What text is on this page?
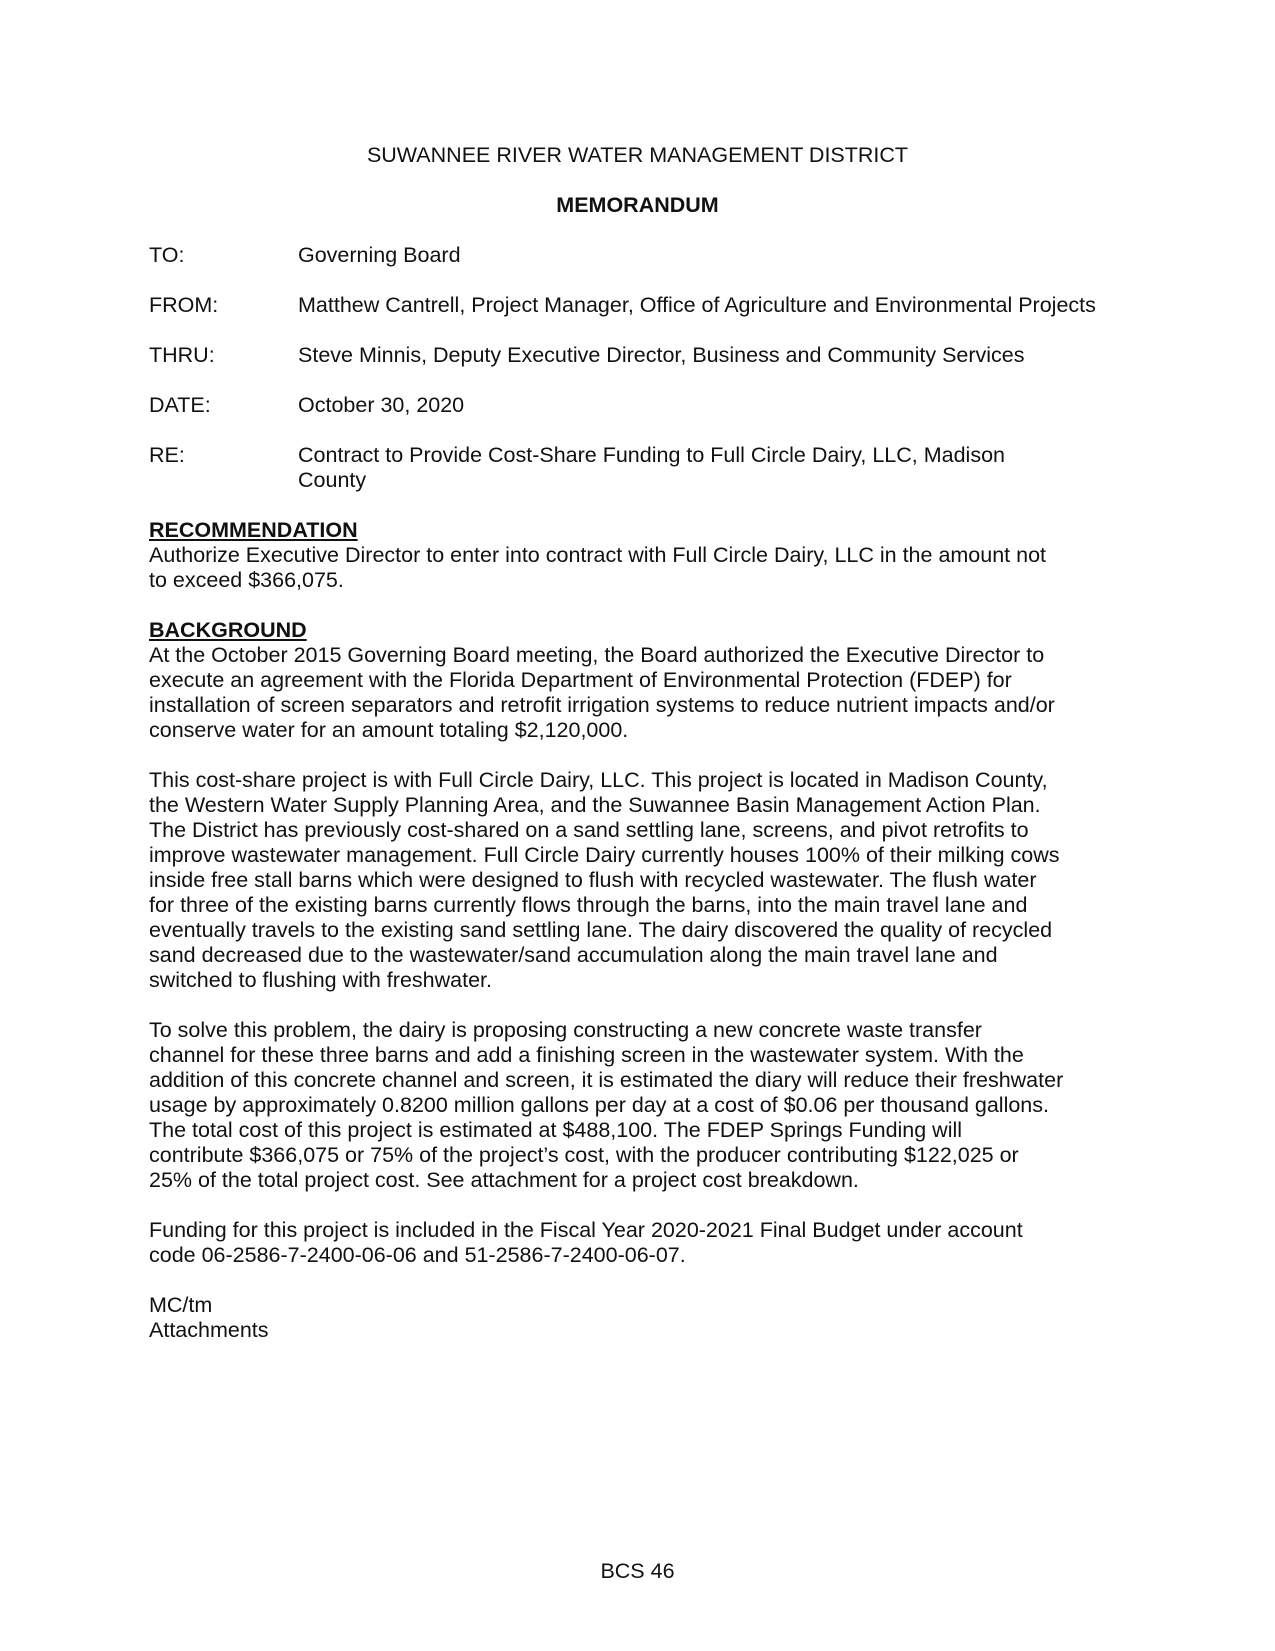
SUWANNEE RIVER WATER MANAGEMENT DISTRICT
MEMORANDUM
TO:	Governing Board
FROM:	Matthew Cantrell, Project Manager, Office of Agriculture and Environmental Projects
THRU:	Steve Minnis, Deputy Executive Director, Business and Community Services
DATE:	October 30, 2020
RE:	Contract to Provide Cost-Share Funding to Full Circle Dairy, LLC, Madison
County
RECOMMENDATION
Authorize Executive Director to enter into contract with Full Circle Dairy, LLC in the amount not
to exceed $366,075.
BACKGROUND
At the October 2015 Governing Board meeting, the Board authorized the Executive Director to
execute an agreement with the Florida Department of Environmental Protection (FDEP) for
installation of screen separators and retrofit irrigation systems to reduce nutrient impacts and/or
conserve water for an amount totaling $2,120,000.
This cost-share project is with Full Circle Dairy, LLC. This project is located in Madison County,
the Western Water Supply Planning Area, and the Suwannee Basin Management Action Plan.
The District has previously cost-shared on a sand settling lane, screens, and pivot retrofits to
improve wastewater management. Full Circle Dairy currently houses 100% of their milking cows
inside free stall barns which were designed to flush with recycled wastewater. The flush water
for three of the existing barns currently flows through the barns, into the main travel lane and
eventually travels to the existing sand settling lane. The dairy discovered the quality of recycled
sand decreased due to the wastewater/sand accumulation along the main travel lane and
switched to flushing with freshwater.
To solve this problem, the dairy is proposing constructing a new concrete waste transfer
channel for these three barns and add a finishing screen in the wastewater system. With the
addition of this concrete channel and screen, it is estimated the diary will reduce their freshwater
usage by approximately 0.8200 million gallons per day at a cost of $0.06 per thousand gallons.
The total cost of this project is estimated at $488,100. The FDEP Springs Funding will
contribute $366,075 or 75% of the project’s cost, with the producer contributing $122,025 or
25% of the total project cost. See attachment for a project cost breakdown.
Funding for this project is included in the Fiscal Year 2020-2021 Final Budget under account
code 06-2586-7-2400-06-06 and 51-2586-7-2400-06-07.
MC/tm
Attachments
BCS 46
